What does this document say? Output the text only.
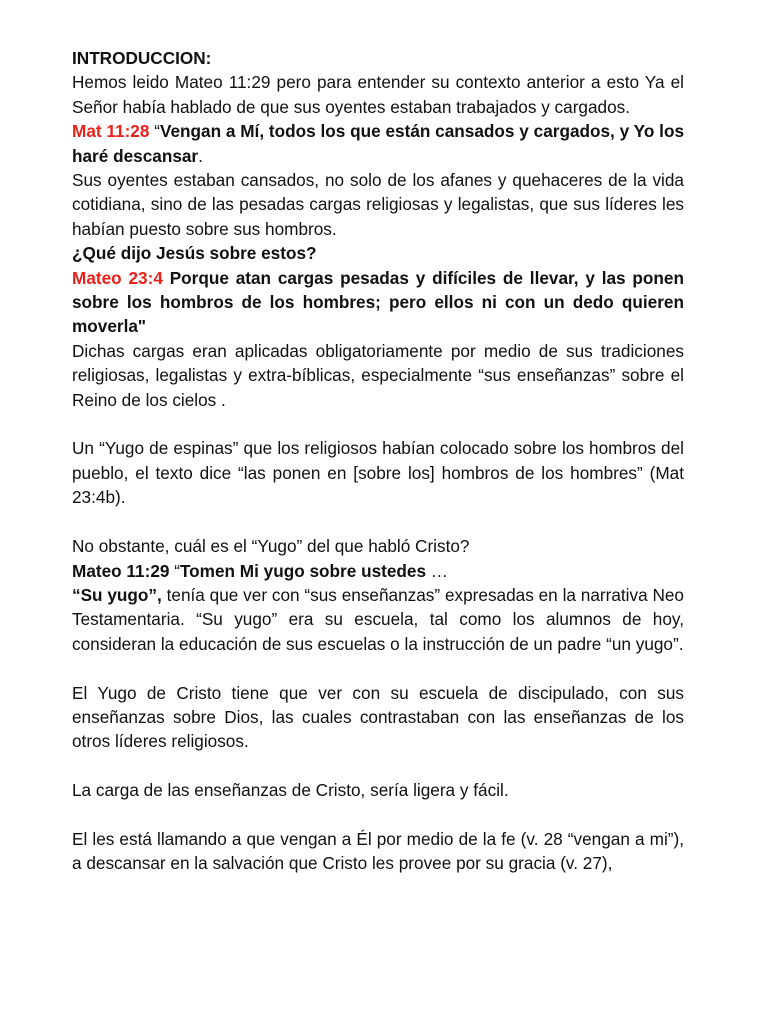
INTRODUCCION:

Hemos leido Mateo 11:29 pero para entender su contexto anterior a esto Ya el Señor había hablado de que sus oyentes estaban trabajados y cargados.

Mat 11:28 “Vengan a Mí, todos los que están cansados y cargados, y Yo los haré descansar.

Sus oyentes estaban cansados, no solo de los afanes y quehaceres de la vida cotidiana, sino de las pesadas cargas religiosas y legalistas, que sus líderes les habían puesto sobre sus hombros.

¿Qué dijo Jesús sobre estos?

Mateo 23:4 Porque atan cargas pesadas y difíciles de llevar, y las ponen sobre los hombros de los hombres; pero ellos ni con un dedo quieren moverla"

Dichas cargas eran aplicadas obligatoriamente por medio de sus tradiciones religiosas, legalistas y extra-bíblicas, especialmente “sus enseñanzas” sobre el Reino de los cielos .

Un “Yugo de espinas” que los religiosos habían colocado sobre los hombros del pueblo, el texto dice “las ponen en [sobre los] hombros de los hombres” (Mat 23:4b).

No obstante, cuál es el “Yugo” del que habló Cristo?

Mateo 11:29 “Tomen Mi yugo sobre ustedes …

“Su yugo”, tenía que ver con “sus enseñanzas” expresadas en la narrativa Neo Testamentaria. “Su yugo” era su escuela, tal como los alumnos de hoy, consideran la educación de sus escuelas o la instrucción de un padre “un yugo”.

El Yugo de Cristo tiene que ver con su escuela de discipulado, con sus enseñanzas sobre Dios, las cuales contrastaban con las enseñanzas de los otros líderes religiosos.

La carga de las enseñanzas de Cristo, sería ligera y fácil.

El les está llamando a que vengan a Él por medio de la fe (v. 28 “vengan a mi”), a descansar en la salvación que Cristo les provee por su gracia (v. 27),
